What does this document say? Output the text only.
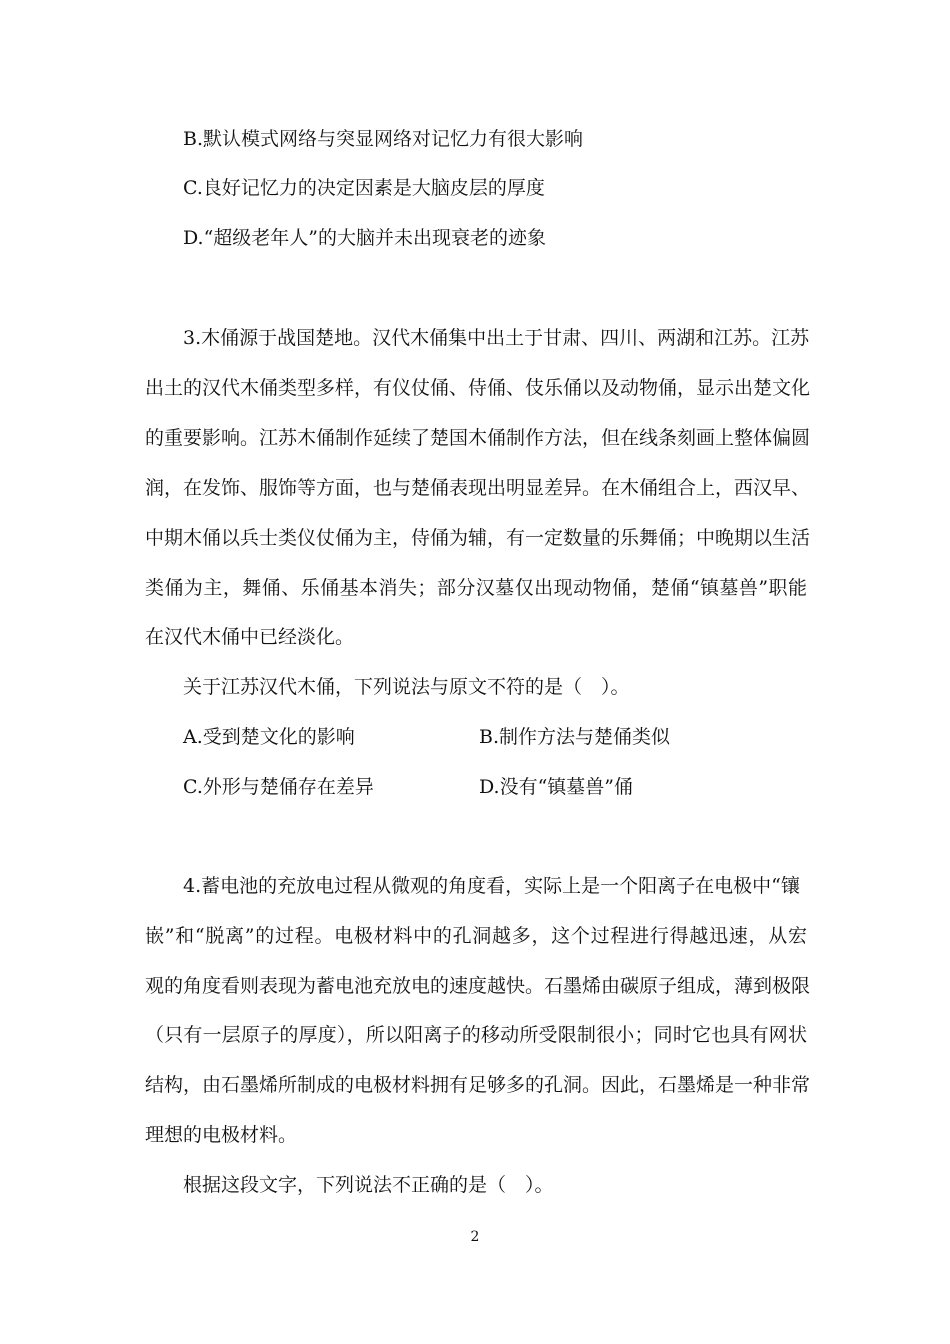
B.默认模式网络与突显网络对记忆力有很大影响
C.良好记忆力的决定因素是大脑皮层的厚度
D.“超级老年人”的大脑并未出现衰老的迹象
3.木俑源于战国楚地。汉代木俑集中出土于甘肃、四川、两湖和江苏。江苏
出土的汉代木俑类型多样，有仪仗俑、侍俑、伎乐俑以及动物俑，显示出楚文化
的重要影响。江苏木俑制作延续了楚国木俑制作方法，但在线条刻画上整体偏圆
润，在发饰、服饰等方面，也与楚俑表现出明显差异。在木俑组合上，西汉早、
中期木俑以兵士类仪仗俑为主，侍俑为辅，有一定数量的乐舞俑；中晚期以生活
类俑为主，舞俑、乐俑基本消失；部分汉墓仅出现动物俑，楚俑“镇墓兽”职能
在汉代木俑中已经淡化。
关于江苏汉代木俑，下列说法与原文不符的是（　）。
A.受到楚文化的影响	B.制作方法与楚俑类似
C.外形与楚俑存在差异	D.没有“镇墓兽”俑
4.蓄电池的充放电过程从微观的角度看，实际上是一个阳离子在电极中“镶
嵌”和“脱离”的过程。电极材料中的孔洞越多，这个过程进行得越迅速，从宏
观的角度看则表现为蓄电池充放电的速度越快。石墨烯由碳原子组成，薄到极限
（只有一层原子的厚度），所以阳离子的移动所受限制很小；同时它也具有网状
结构，由石墨烯所制成的电极材料拥有足够多的孔洞。因此，石墨烯是一种非常
理想的电极材料。
根据这段文字，下列说法不正确的是（　）。
2
